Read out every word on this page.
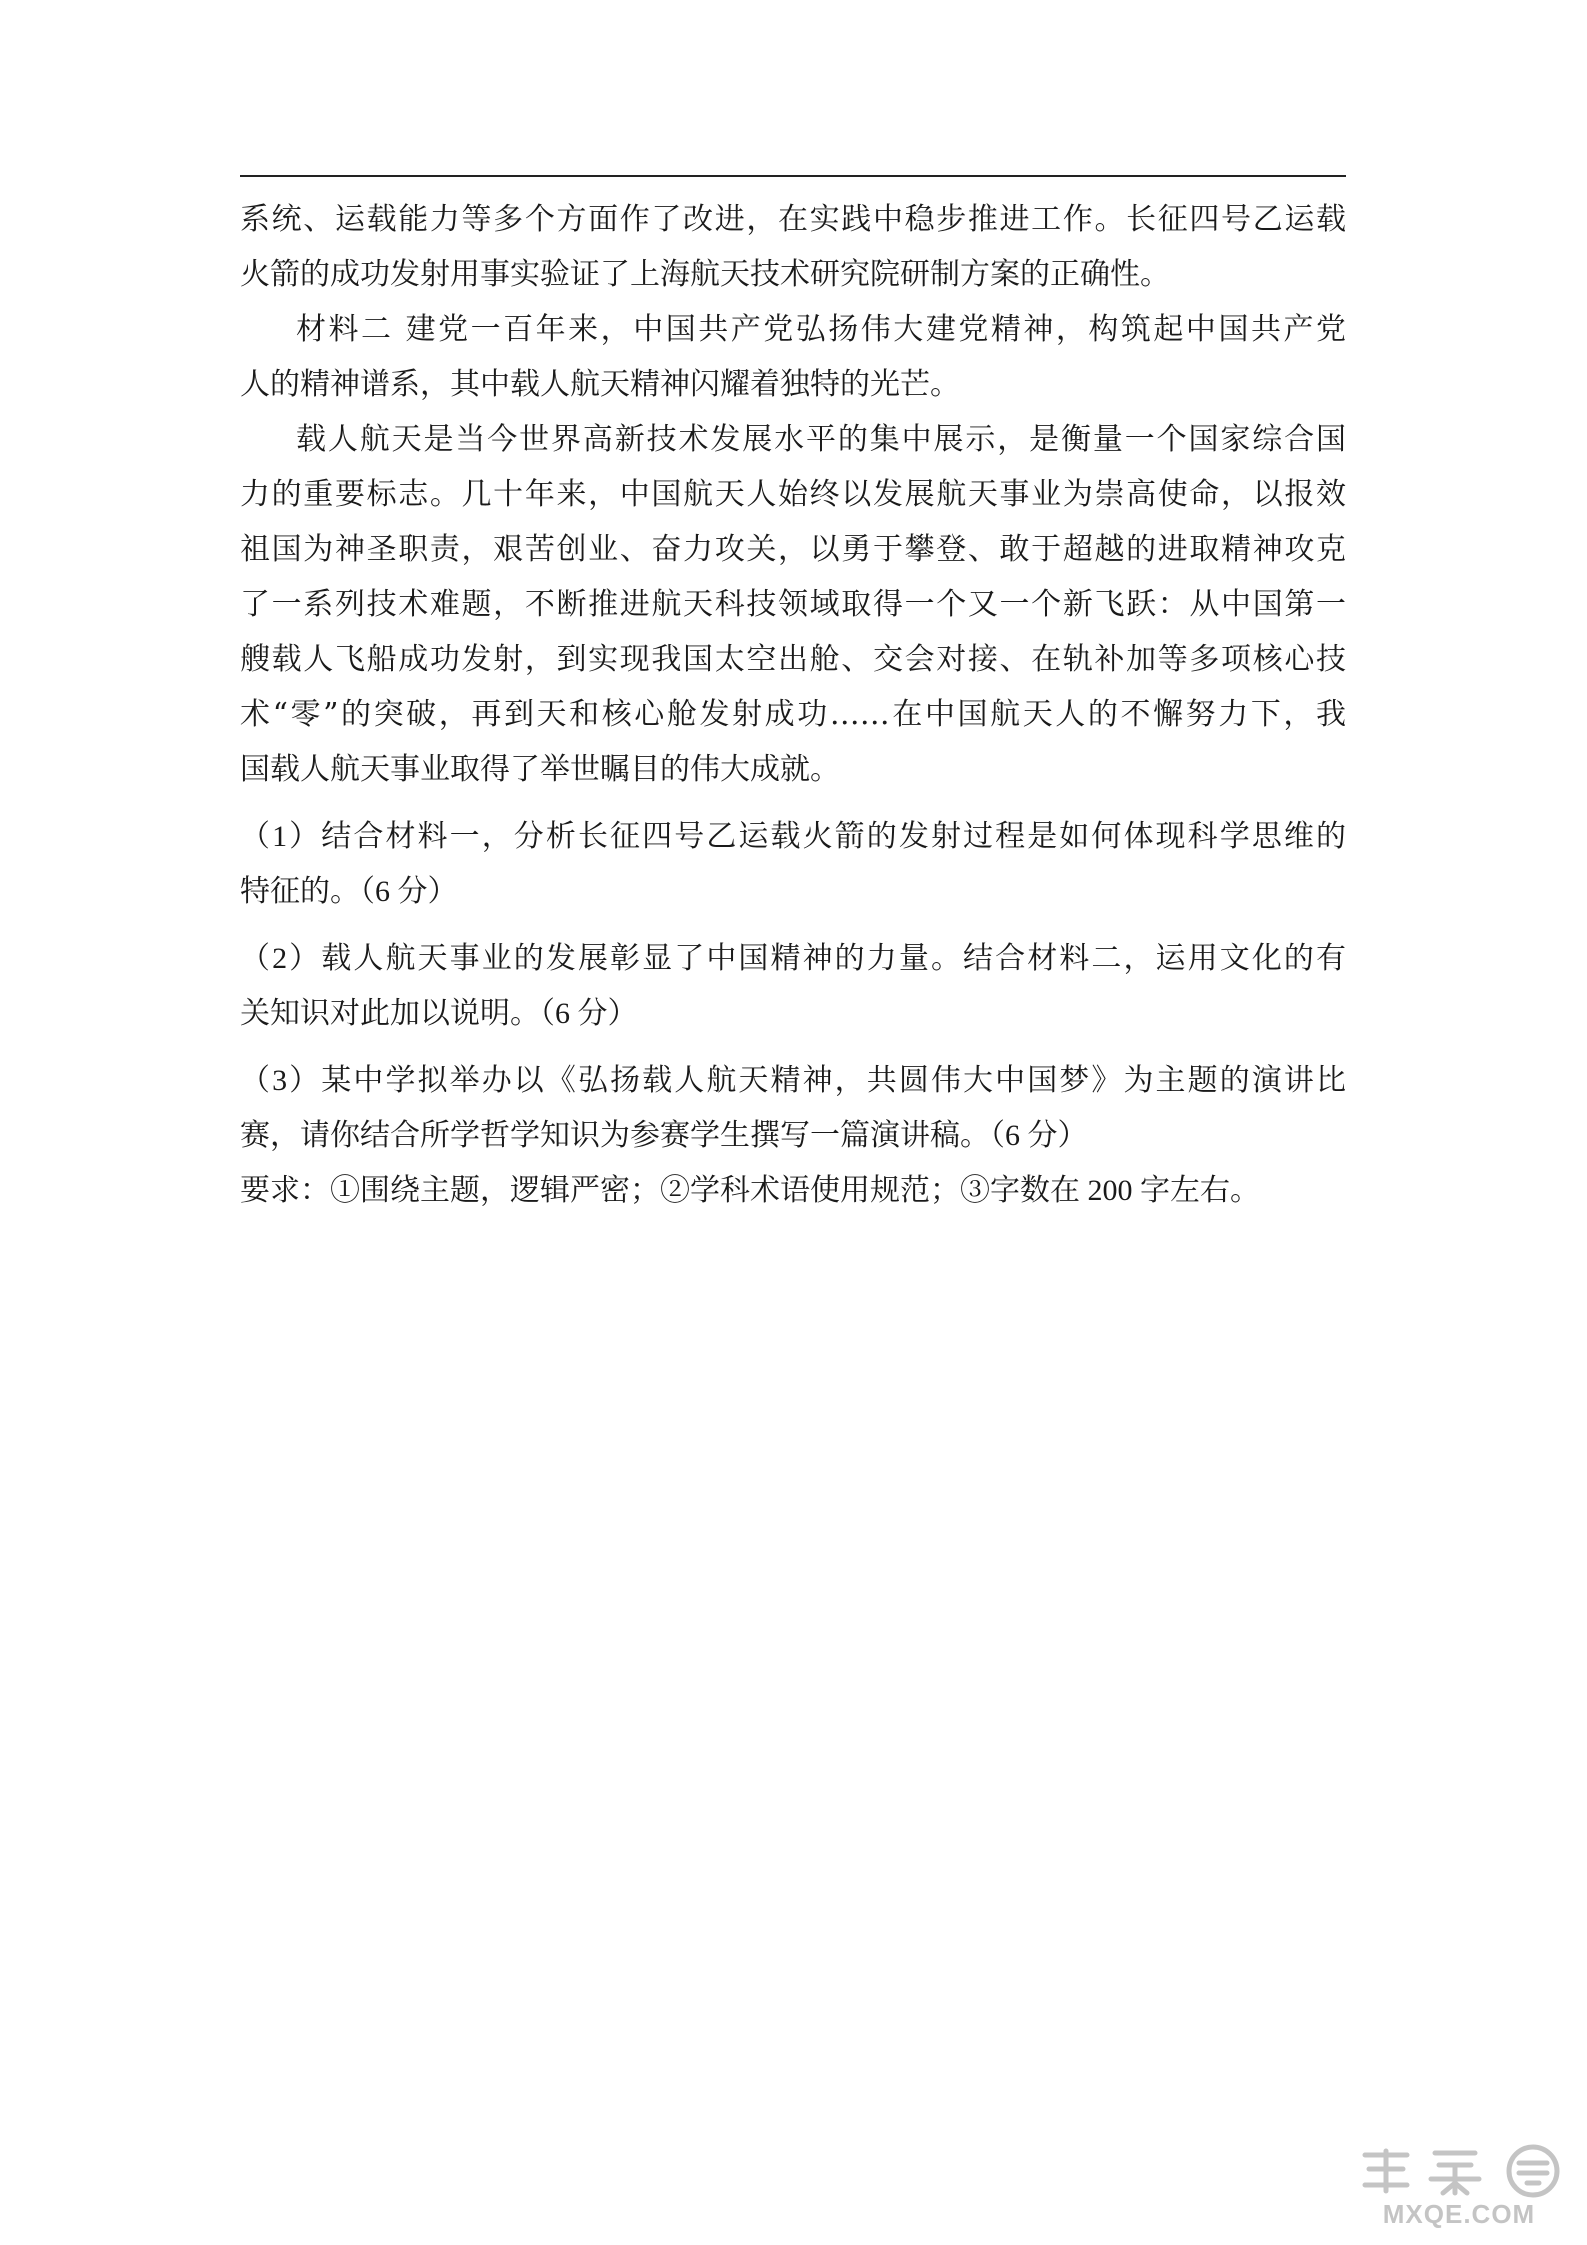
系统、运载能力等多个方面作了改进，在实践中稳步推进工作。长征四号乙运载
火箭的成功发射用事实验证了上海航天技术研究院研制方案的正确性。
材料二 建党一百年来，中国共产党弘扬伟大建党精神，构筑起中国共产党
人的精神谱系，其中载人航天精神闪耀着独特的光芒。
载人航天是当今世界高新技术发展水平的集中展示，是衡量一个国家综合国
力的重要标志。几十年来，中国航天人始终以发展航天事业为崇高使命，以报效
祖国为神圣职责，艰苦创业、奋力攻关，以勇于攀登、敢于超越的进取精神攻克
了一系列技术难题，不断推进航天科技领域取得一个又一个新飞跃：从中国第一
艘载人飞船成功发射，到实现我国太空出舱、交会对接、在轨补加等多项核心技
术“零”的突破，再到天和核心舱发射成功……在中国航天人的不懈努力下，我
国载人航天事业取得了举世瞩目的伟大成就。
（1）结合材料一，分析长征四号乙运载火箭的发射过程是如何体现科学思维的
特征的。（6 分）
（2）载人航天事业的发展彰显了中国精神的力量。结合材料二，运用文化的有
关知识对此加以说明。（6 分）
（3）某中学拟举办以《弘扬载人航天精神，共圆伟大中国梦》为主题的演讲比
赛，请你结合所学哲学知识为参赛学生撰写一篇演讲稿。（6 分）
要求：①围绕主题，逻辑严密；②学科术语使用规范；③字数在 200 字左右。
MXQE.COM
